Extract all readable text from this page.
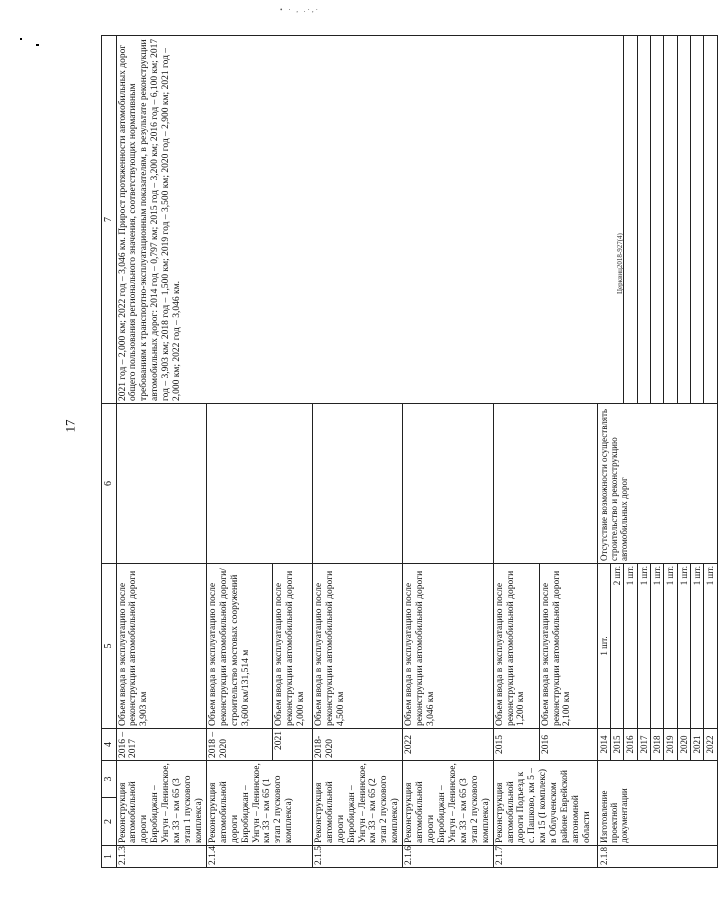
• · , .·,·
17
Церквиц2018-927(4)
1	2	3	4	5	6	7	
2.1.3	Реконструкция автомобильной дороги Биробиджан – Унгун – Ленинское, км 33 – км 65 (3 этап 1 пускового комплекса)		2016 – 2017	Объем ввода в эксплуатацию после реконструкции автомобильной дороги 3,903 км		2021 год – 2,000 км; 2022 год – 3,046 км. Прирост протяженности автомобильных дорог общего пользования регионального значения, соответствующих нормативным требованиям к транспортно-эксплуатационным показателям, в результате реконструкции автомобильных дорог: 2014 год – 0,797 км; 2015 год – 3,200 км; 2016 год – 6,100 км; 2017 год – 3,903 км; 2018 год – 1,500 км; 2019 год – 3,500 км; 2020 год – 2,900 км; 2021 год – 2,000 км; 2022 год – 3,046 км.	
2.1.4	Реконструкция автомобильной дороги Биробиджан – Унгун – Ленинское, км 33 – км 65 (1 этап 2 пускового комплекса)		2018 – 2020	Объем ввода в эксплуатацию после реконструкции автомобильной дороги/ строительство мостовых сооружений 3,600 км/131,514 м			
			2021	Объем ввода в эксплуатацию после реконструкции автомобильной дороги 2,000 км			
2.1.5	Реконструкция автомобильной дороги Биробиджан – Унгун – Ленинское, км 33 – км 65 (2 этап 2 пускового комплекса)		2018-2020	Объем ввода в эксплуатацию после реконструкции автомобильной дороги 4,500 км			
2.1.6	Реконструкция автомобильной дороги Биробиджан – Унгун – Ленинское, км 33 – км 65 (3 этап 2 пускового комплекса)		2022	Объем ввода в эксплуатацию после реконструкции автомобильной дороги 3,046 км			
2.1.7	Реконструкция автомобильной дороги Подъезд к с. Пашково, км 5 – км 15 (I комплекс) в Облученском районе Еврейской автономной области		2015	Объем ввода в эксплуатацию после реконструкции автомобильной дороги 1,200 км			
			2016	Объем ввода в эксплуатацию после реконструкции автомобильной дороги 2,100 км			
2.1.8	Изготовление проектной документации		2014	1 шт.	Отсутствие возможности осуществлять строительство и реконструкцию автомобильных дорог		
			2015	2 шт.			
			2016	1 шт.			
			2017	1 шт.			
			2018	1 шт.			
			2019	1 шт.			
			2020	1 шт.			
			2021	1 шт.			
			2022	1 шт.			
